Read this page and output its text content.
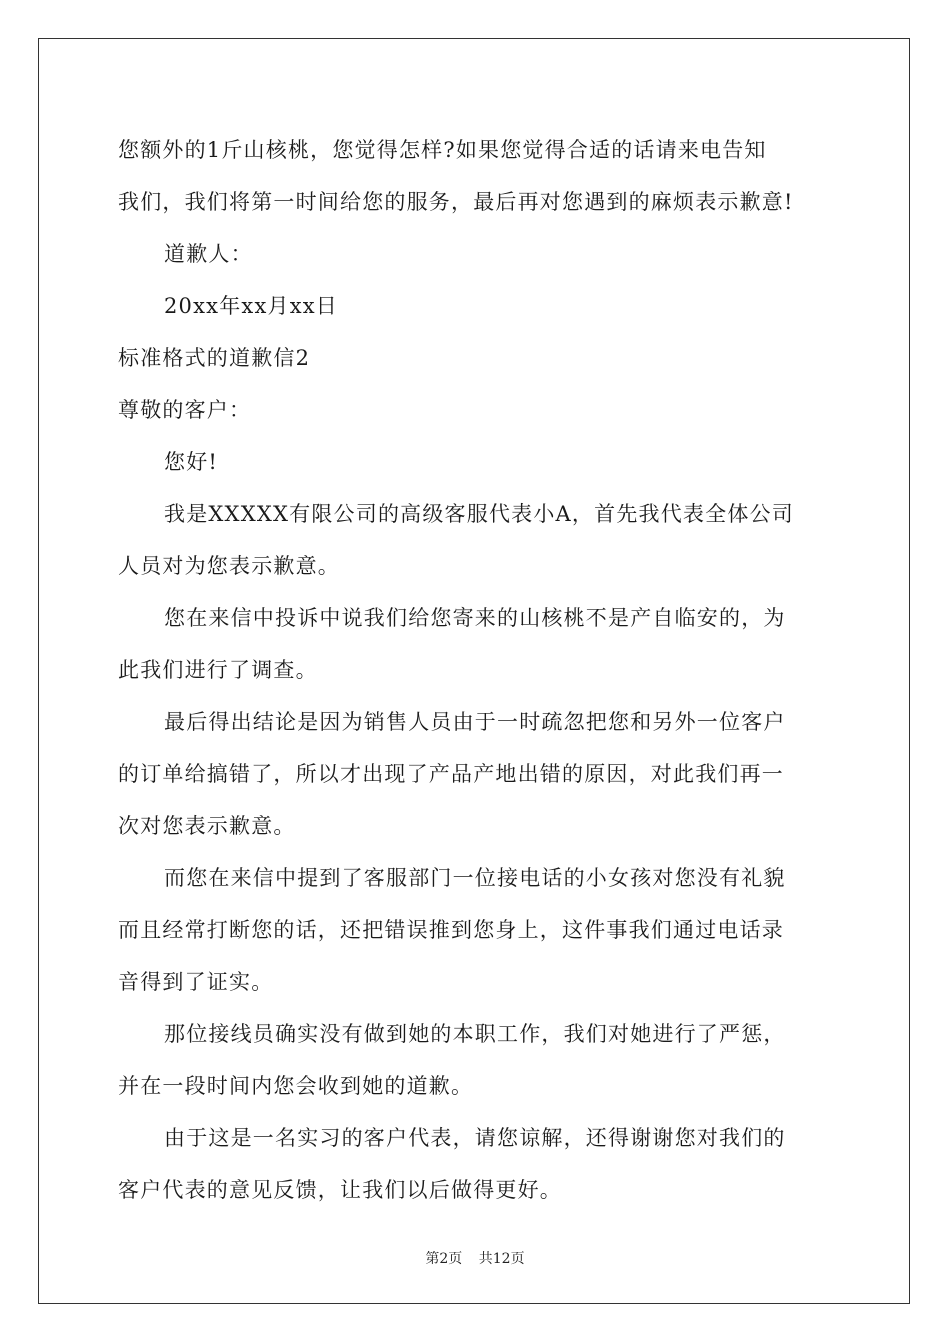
您额外的1斤山核桃，您觉得怎样?如果您觉得合适的话请来电告知
我们，我们将第一时间给您的服务，最后再对您遇到的麻烦表示歉意!
道歉人：
20xx年xx月xx日
标准格式的道歉信2
尊敬的客户：
您好!
我是XXXXX有限公司的高级客服代表小A，首先我代表全体公司
人员对为您表示歉意。
您在来信中投诉中说我们给您寄来的山核桃不是产自临安的，为
此我们进行了调查。
最后得出结论是因为销售人员由于一时疏忽把您和另外一位客户
的订单给搞错了，所以才出现了产品产地出错的原因，对此我们再一
次对您表示歉意。
而您在来信中提到了客服部门一位接电话的小女孩对您没有礼貌
而且经常打断您的话，还把错误推到您身上，这件事我们通过电话录
音得到了证实。
那位接线员确实没有做到她的本职工作，我们对她进行了严惩，
并在一段时间内您会收到她的道歉。
由于这是一名实习的客户代表，请您谅解，还得谢谢您对我们的
客户代表的意见反馈，让我们以后做得更好。
第2页 共12页
